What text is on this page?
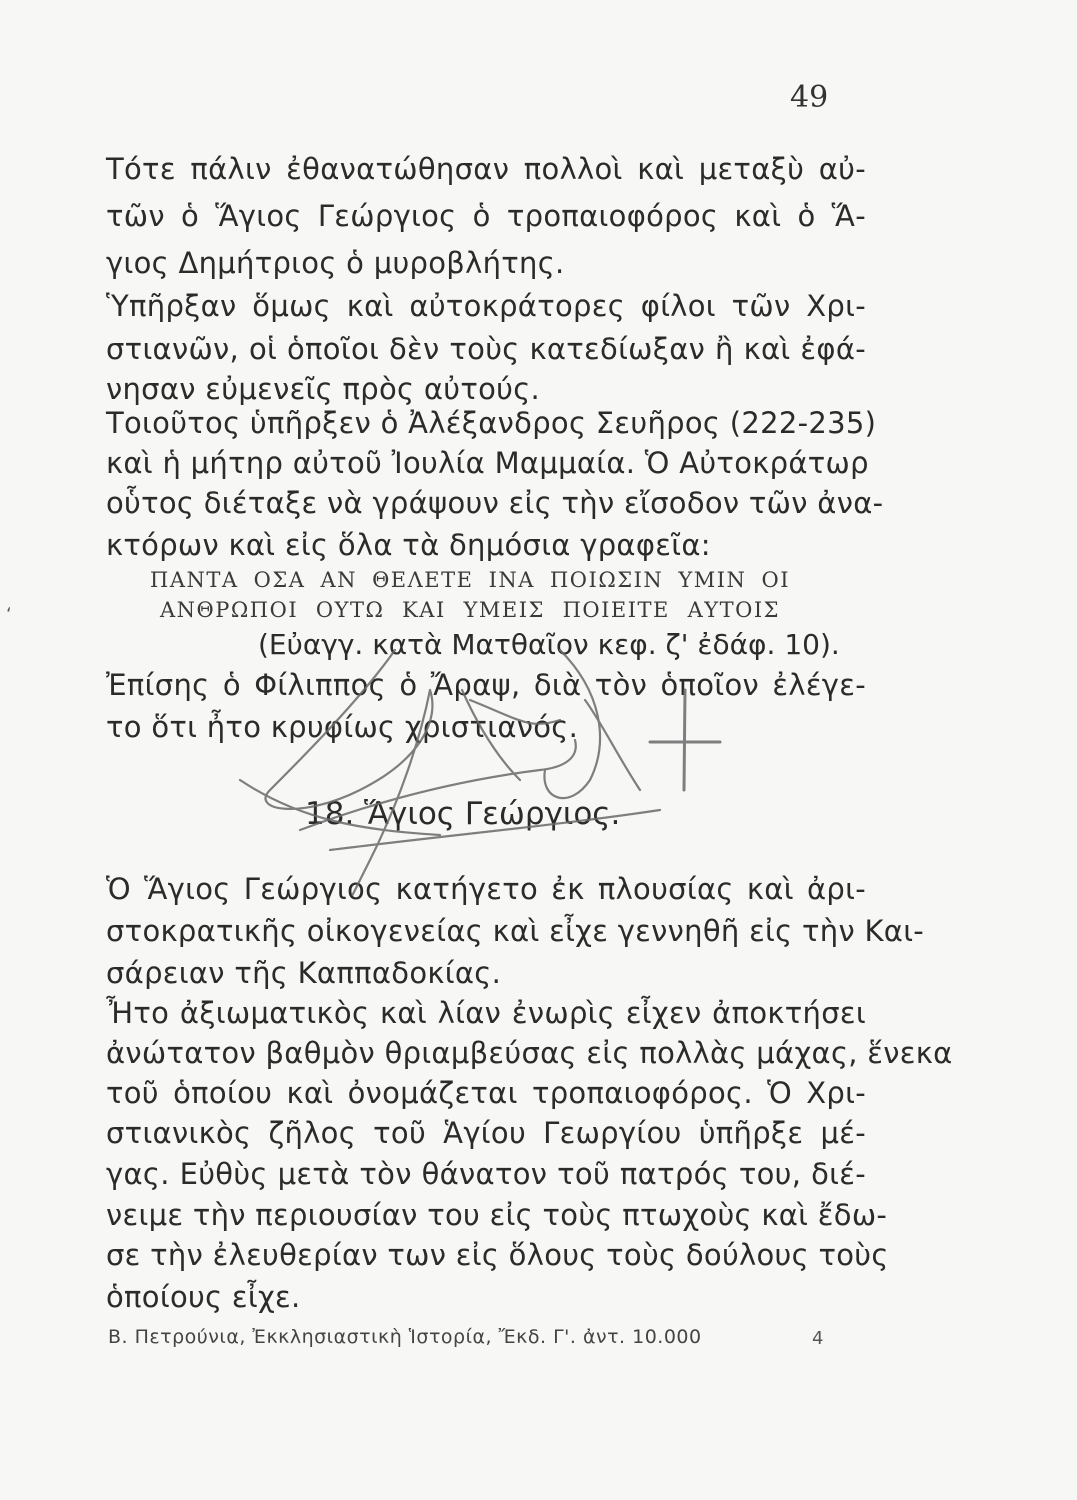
49
Τότε πάλιν ἐθανατώθησαν πολλοὶ καὶ μεταξὺ αὐ-
τῶν ὁ Ἅγιος Γεώργιος ὁ τροπαιοφόρος καὶ ὁ Ἅ-
γιος Δημήτριος ὁ μυροβλήτης.
Ὑπῆρξαν ὅμως καὶ αὐτοκράτορες φίλοι τῶν Χρι-
στιανῶν, οἱ ὁποῖοι δὲν τοὺς κατεδίωξαν ἢ καὶ ἐφά-
νησαν εὐμενεῖς πρὸς αὐτούς.
Τοιοῦτος ὑπῆρξεν ὁ Ἀλέξανδρος Σευῆρος (222-235)
καὶ ἡ μήτηρ αὐτοῦ Ἰουλία Μαμμαία. Ὁ Αὐτοκράτωρ
οὗτος διέταξε νὰ γράψουν εἰς τὴν εἴσοδον τῶν ἀνα-
κτόρων καὶ εἰς ὅλα τὰ δημόσια γραφεῖα:
ΠΑΝΤΑ ΟΣΑ ΑΝ ΘΕΛΕΤΕ ΙΝΑ ΠΟΙΩΣΙΝ ΥΜΙΝ ΟΙ
ΑΝΘΡΩΠΟΙ ΟΥΤΩ ΚΑΙ ΥΜΕΙΣ ΠΟΙΕΙΤΕ ΑΥΤΟΙΣ
(Εὐαγγ. κατὰ Ματθαῖον κεφ. ζ' ἐδάφ. 10).
Ἐπίσης ὁ Φίλιππος ὁ Ἄραψ, διὰ τὸν ὁποῖον ἐλέγε-
το ὅτι ἦτο κρυφίως χριστιανός.
18. Ἅγιος Γεώργιος.
Ὁ Ἅγιος Γεώργιος κατήγετο ἐκ πλουσίας καὶ ἀρι-
στοκρατικῆς οἰκογενείας καὶ εἶχε γεννηθῆ εἰς τὴν Και-
σάρειαν τῆς Καππαδοκίας.
Ἦτο ἀξιωματικὸς καὶ λίαν ἐνωρὶς εἶχεν ἀποκτήσει
ἀνώτατον βαθμὸν θριαμβεύσας εἰς πολλὰς μάχας, ἕνεκα
τοῦ ὁποίου καὶ ὀνομάζεται τροπαιοφόρος. Ὁ Χρι-
στιανικὸς ζῆλος τοῦ Ἁγίου Γεωργίου ὑπῆρξε μέ-
γας. Εὐθὺς μετὰ τὸν θάνατον τοῦ πατρός του, διέ-
νειμε τὴν περιουσίαν του εἰς τοὺς πτωχοὺς καὶ ἔδω-
σε τὴν ἐλευθερίαν των εἰς ὅλους τοὺς δούλους τοὺς
ὁποίους εἶχε.
Β. Πετρούνια, Ἐκκλησιαστικὴ Ἱστορία, Ἔκδ. Γ'. ἀντ. 10.000	4
ʻ
